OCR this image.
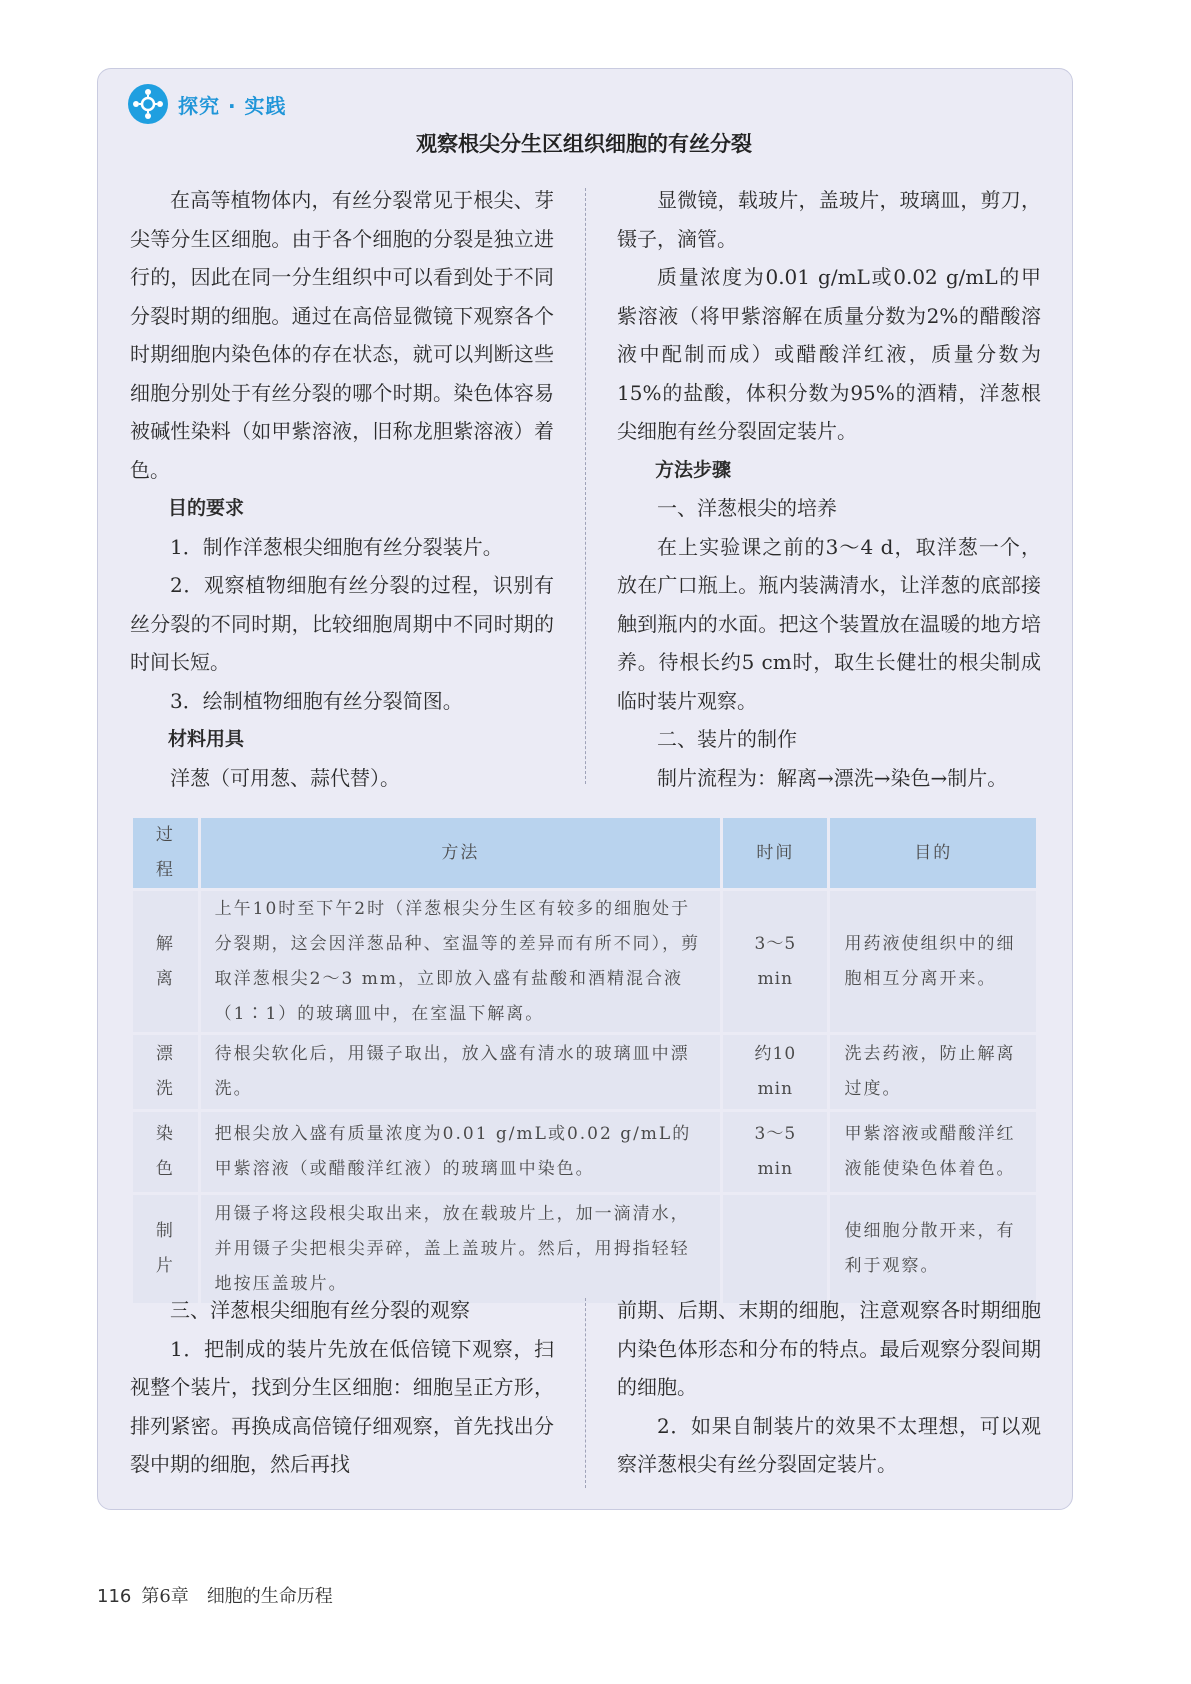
探究 · 实践
观察根尖分生区组织细胞的有丝分裂

在高等植物体内，有丝分裂常见于根尖、芽尖等分生区细胞。由于各个细胞的分裂是独立进行的，因此在同一分生组织中可以看到处于不同分裂时期的细胞。通过在高倍显微镜下观察各个时期细胞内染色体的存在状态，就可以判断这些细胞分别处于有丝分裂的哪个时期。染色体容易被碱性染料（如甲紫溶液，旧称龙胆紫溶液）着色。

目的要求

1．制作洋葱根尖细胞有丝分裂装片。

2．观察植物细胞有丝分裂的过程，识别有丝分裂的不同时期，比较细胞周期中不同时期的时间长短。

3．绘制植物细胞有丝分裂简图。

材料用具

洋葱（可用葱、蒜代替）。

显微镜，载玻片，盖玻片，玻璃皿，剪刀，镊子，滴管。

质量浓度为0.01 g/mL或0.02 g/mL的甲紫溶液（将甲紫溶解在质量分数为2%的醋酸溶液中配制而成）或醋酸洋红液，质量分数为15%的盐酸，体积分数为95%的酒精，洋葱根尖细胞有丝分裂固定装片。

方法步骤

一、洋葱根尖的培养

在上实验课之前的3～4 d，取洋葱一个，放在广口瓶上。瓶内装满清水，让洋葱的底部接触到瓶内的水面。把这个装置放在温暖的地方培养。待根长约5 cm时，取生长健壮的根尖制成临时装片观察。

二、装片的制作

制片流程为：解离→漂洗→染色→制片。

过程	方法	时间	目的
解离	上午10时至下午2时（洋葱根尖分生区有较多的细胞处于分裂期，这会因洋葱品种、室温等的差异而有所不同），剪取洋葱根尖2～3 mm，立即放入盛有盐酸和酒精混合液（1∶1）的玻璃皿中，在室温下解离。	3～5 min	用药液使组织中的细胞相互分离开来。
漂洗	待根尖软化后，用镊子取出，放入盛有清水的玻璃皿中漂洗。	约10 min	洗去药液，防止解离过度。
染色	把根尖放入盛有质量浓度为0.01 g/mL或0.02 g/mL的甲紫溶液（或醋酸洋红液）的玻璃皿中染色。	3～5 min	甲紫溶液或醋酸洋红液能使染色体着色。
制片	用镊子将这段根尖取出来，放在载玻片上，加一滴清水，并用镊子尖把根尖弄碎，盖上盖玻片。然后，用拇指轻轻地按压盖玻片。		使细胞分散开来，有利于观察。

三、洋葱根尖细胞有丝分裂的观察

1．把制成的装片先放在低倍镜下观察，扫视整个装片，找到分生区细胞：细胞呈正方形，排列紧密。再换成高倍镜仔细观察，首先找出分裂中期的细胞，然后再找

前期、后期、末期的细胞，注意观察各时期细胞内染色体形态和分布的特点。最后观察分裂间期的细胞。

2．如果自制装片的效果不太理想，可以观察洋葱根尖有丝分裂固定装片。

116 第6章 细胞的生命历程
